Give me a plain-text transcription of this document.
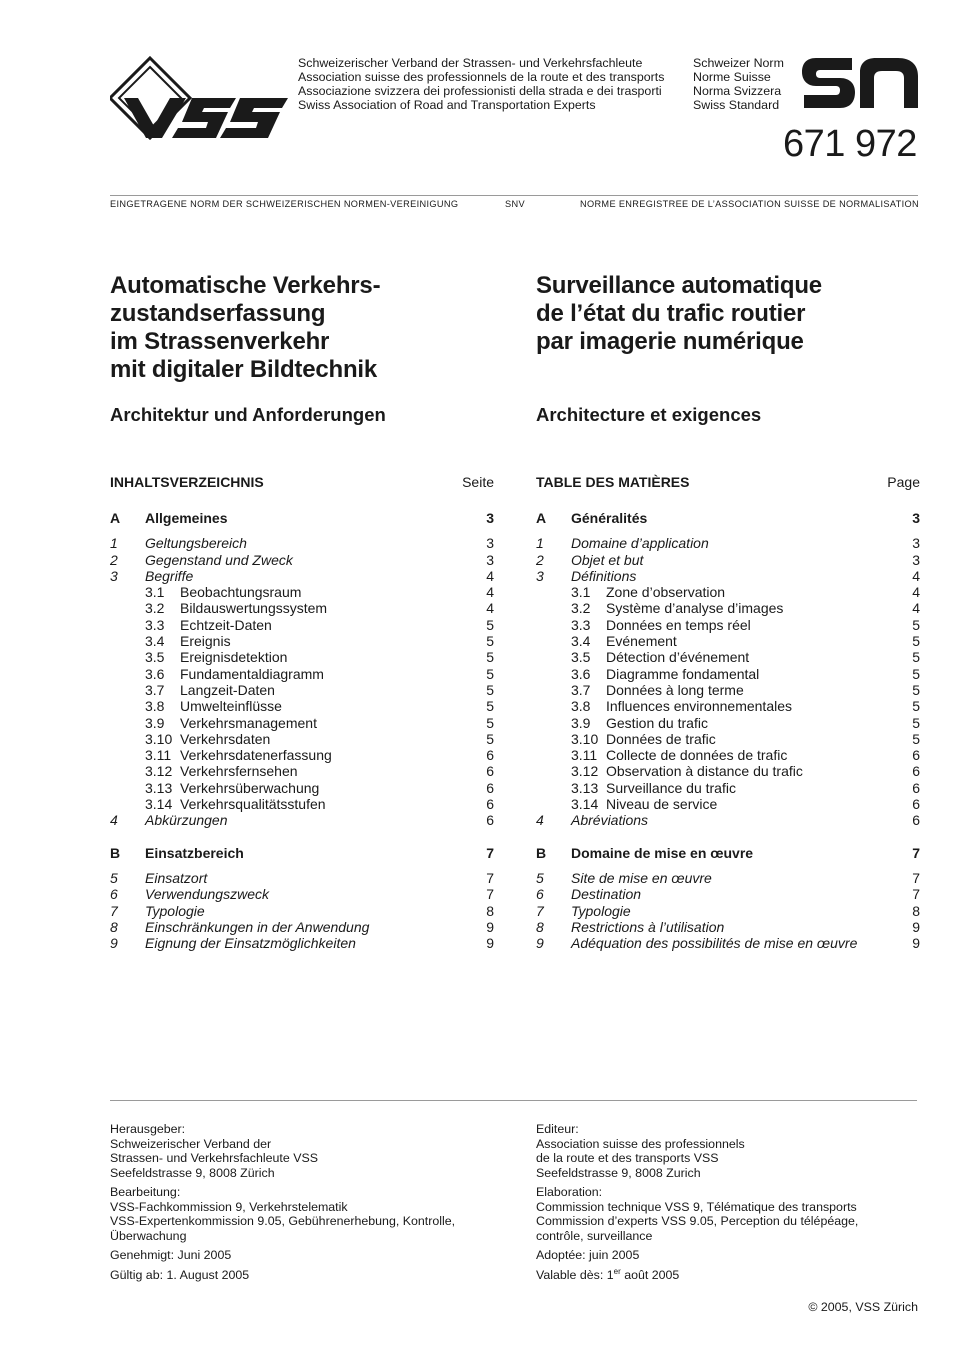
Schweizerischer Verband der Strassen- und Verkehrsfachleute
Association suisse des professionnels de la route et des transports
Associazione svizzera dei professionisti della strada e dei trasporti
Swiss Association of Road and Transportation Experts
Schweizer Norm
Norme Suisse
Norma Svizzera
Swiss Standard
671 972
EINGETRAGENE NORM DER SCHWEIZERISCHEN NORMEN-VEREINIGUNG	SNV	NORME ENREGISTREE DE L’ASSOCIATION SUISSE DE NORMALISATION
Automatische Verkehrs-
zustandserfassung
im Strassenverkehr
mit digitaler Bildtechnik
Surveillance automatique
de l’état du trafic routier
par imagerie numérique
Architektur und Anforderungen	Architecture et exigences
INHALTSVERZEICHNIS	Seite
A Allgemeines	3
1 Geltungsbereich	3
2 Gegenstand und Zweck	3
3 Begriffe	4
3.1 Beobachtungsraum	4
3.2 Bildauswertungssystem	4
3.3 Echtzeit-Daten	5
3.4 Ereignis	5
3.5 Ereignisdetektion	5
3.6 Fundamentaldiagramm	5
3.7 Langzeit-Daten	5
3.8 Umwelteinflüsse	5
3.9 Verkehrsmanagement	5
3.10 Verkehrsdaten	5
3.11 Verkehrsdatenerfassung	6
3.12 Verkehrsfernsehen	6
3.13 Verkehrsüberwachung	6
3.14 Verkehrsqualitätsstufen	6
4 Abkürzungen	6
B Einsatzbereich	7
5 Einsatzort	7
6 Verwendungszweck	7
7 Typologie	8
8 Einschränkungen in der Anwendung	9
9 Eignung der Einsatzmöglichkeiten	9
TABLE DES MATIÈRES	Page
A Généralités	3
1 Domaine d’application	3
2 Objet et but	3
3 Définitions	4
3.1 Zone d’observation	4
3.2 Système d’analyse d’images	4
3.3 Données en temps réel	5
3.4 Evénement	5
3.5 Détection d’événement	5
3.6 Diagramme fondamental	5
3.7 Données à long terme	5
3.8 Influences environnementales	5
3.9 Gestion du trafic	5
3.10 Données de trafic	5
3.11 Collecte de données de trafic	6
3.12 Observation à distance du trafic	6
3.13 Surveillance du trafic	6
3.14 Niveau de service	6
4 Abréviations	6
B Domaine de mise en œuvre	7
5 Site de mise en œuvre	7
6 Destination	7
7 Typologie	8
8 Restrictions à l’utilisation	9
9 Adéquation des possibilités de mise en œuvre	9
Herausgeber:
Schweizerischer Verband der
Strassen- und Verkehrsfachleute VSS
Seefeldstrasse 9, 8008 Zürich
Bearbeitung:
VSS-Fachkommission 9, Verkehrstelematik
VSS-Expertenkommission 9.05, Gebührenerhebung, Kontrolle,
Überwachung
Genehmigt: Juni 2005
Gültig ab: 1. August 2005
Editeur:
Association suisse des professionnels
de la route et des transports VSS
Seefeldstrasse 9, 8008 Zurich
Elaboration:
Commission technique VSS 9, Télématique des transports
Commission d’experts VSS 9.05, Perception du télépéage,
contrôle, surveillance
Adoptée: juin 2005
Valable dès: 1er août 2005
© 2005, VSS Zürich
